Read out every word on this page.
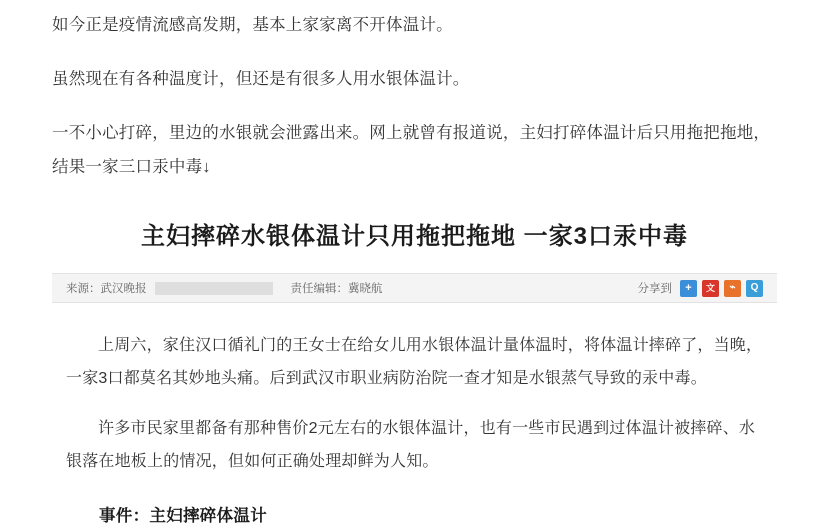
如今正是疫情流感高发期，基本上家家离不开体温计。

虽然现在有各种温度计，但还是有很多人用水银体温计。

一不小心打碎，里边的水银就会泄露出来。网上就曾有报道说，主妇打碎体温计后只用拖把拖地，结果一家三口汞中毒↓

主妇摔碎水银体温计只用拖把拖地 一家3口汞中毒
来源：武汉晚报	责任编辑：冀晓航	分享到	+	文	⌁	Q

上周六，家住汉口循礼门的王女士在给女儿用水银体温计量体温时，将体温计摔碎了，当晚，一家3口都莫名其妙地头痛。后到武汉市职业病防治院一查才知是水银蒸气导致的汞中毒。

许多市民家里都备有那种售价2元左右的水银体温计，也有一些市民遇到过体温计被摔碎、水银落在地板上的情况，但如何正确处理却鲜为人知。

事件：主妇摔碎体温计
